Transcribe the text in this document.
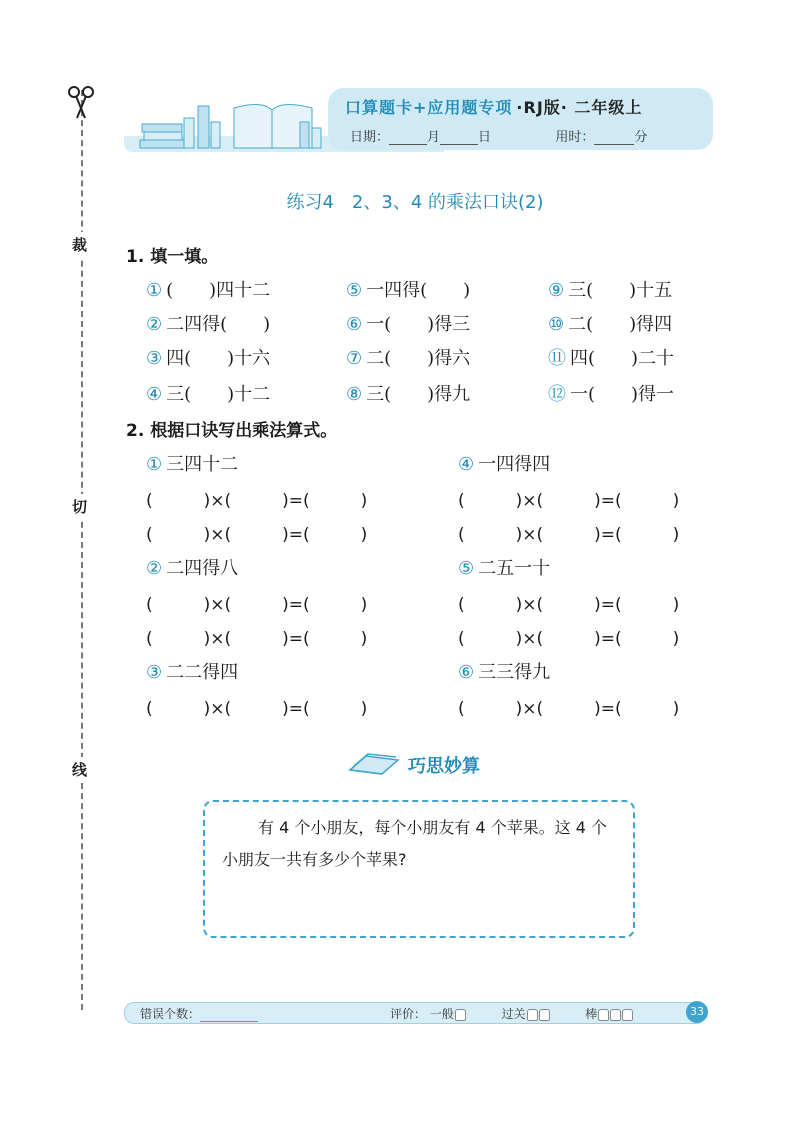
裁
切
线
口算题卡+应用题专项 ·RJ版· 二年级上
日期：	月	日	用时：	分
练习4　2、3、4 的乘法口诀(2)
1. 填一填。
① (　　)四十二	⑤ 一四得(　　)	⑨ 三(　　)十五
② 二四得(　　)	⑥ 一(　　)得三	⑩ 二(　　)得四
③ 四(　　)十六	⑦ 二(　　)得六	⑪ 四(　　)二十
④ 三(　　)十二	⑧ 三(　　)得九	⑫ 一(　　)得一
2. 根据口诀写出乘法算式。
① 三四十二
(　　　)×(　　　)=(　　　)
(　　　)×(　　　)=(　　　)
④ 一四得四
(　　　)×(　　　)=(　　　)
(　　　)×(　　　)=(　　　)
② 二四得八
(　　　)×(　　　)=(　　　)
(　　　)×(　　　)=(　　　)
⑤ 二五一十
(　　　)×(　　　)=(　　　)
(　　　)×(　　　)=(　　　)
③ 二二得四
(　　　)×(　　　)=(　　　)
⑥ 三三得九
(　　　)×(　　　)=(　　　)
巧思妙算
有 4 个小朋友，每个小朋友有 4 个苹果。这 4 个小朋友一共有多少个苹果?
错误个数：	评价： 一般	过关	棒	33
